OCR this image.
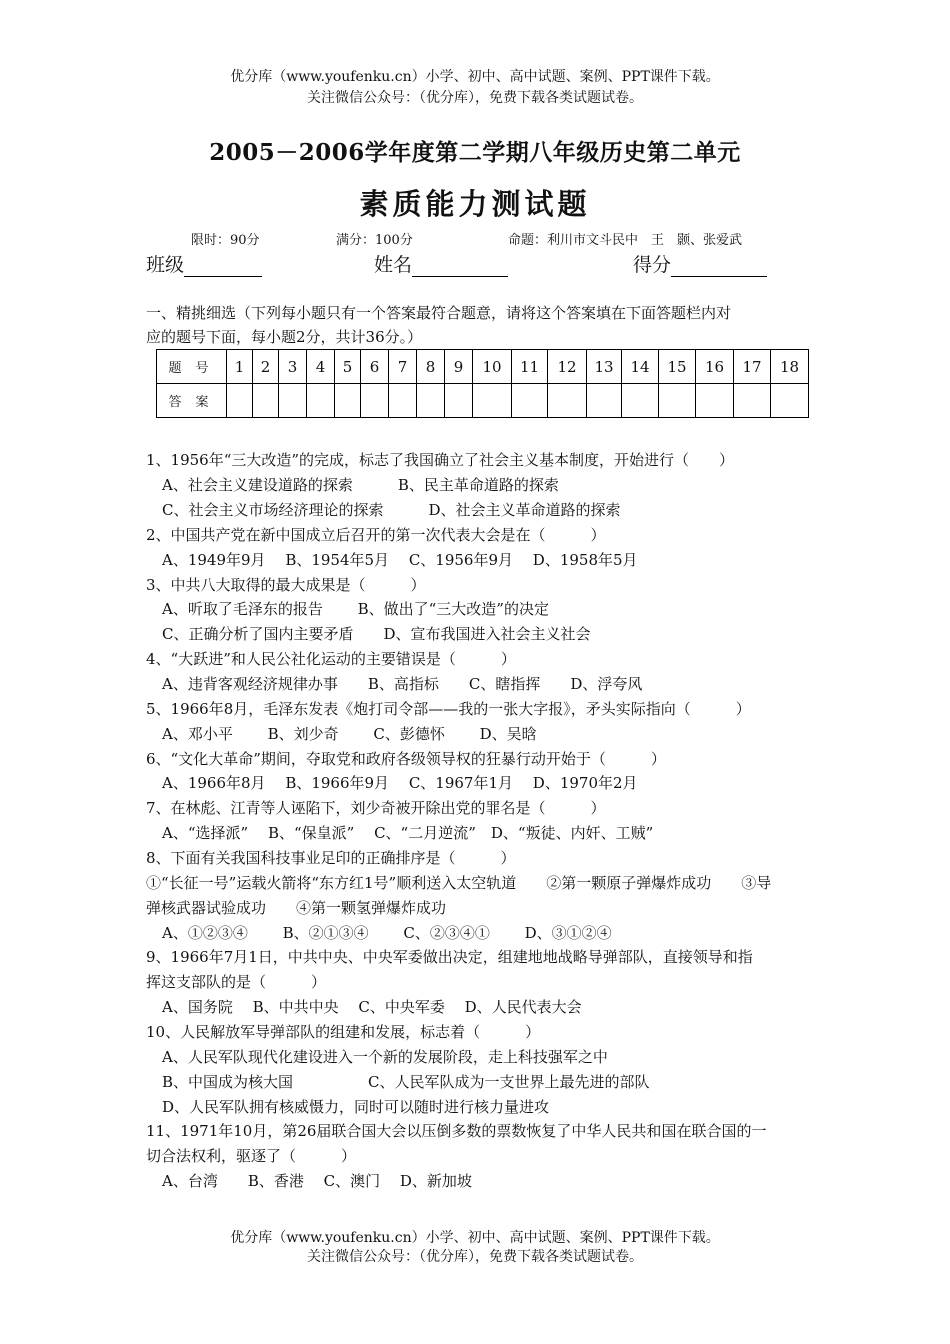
优分库（www.youfenku.cn）小学、初中、高中试题、案例、PPT课件下载。
关注微信公众号：（优分库），免费下载各类试题试卷。
2005－2006学年度第二学期八年级历史第二单元
素质能力测试题
限时：90分	满分：100分	命题：利川市文斗民中　王　颢、张爱武
班级	姓名	得分
一、精挑细选（下列每小题只有一个答案最符合题意，请将这个答案填在下面答题栏内对
应的题号下面，每小题2分，共计36分。）
题号	1	2	3	4	5	6	7	8	9	10	11	12	13	14	15	16	17	18
答案																		
1、1956年“三大改造”的完成，标志了我国确立了社会主义基本制度，开始进行（　　）
A、社会主义建设道路的探索　　　B、民主革命道路的探索
C、社会主义市场经济理论的探索　　　D、社会主义革命道路的探索
2、中国共产党在新中国成立后召开的第一次代表大会是在（　　　）
A、1949年9月　 B、1954年5月　 C、1956年9月　 D、1958年5月
3、中共八大取得的最大成果是（　　　）
A、听取了毛泽东的报告　　 B、做出了“三大改造”的决定
C、正确分析了国内主要矛盾　　D、宣布我国进入社会主义社会
4、“大跃进”和人民公社化运动的主要错误是（　　　）
A、违背客观经济规律办事　　B、高指标　　C、瞎指挥　　D、浮夸风
5、1966年8月，毛泽东发表《炮打司令部——我的一张大字报》，矛头实际指向（　　　）
A、邓小平　　 B、刘少奇　　 C、彭德怀　　 D、吴晗
6、“文化大革命”期间，夺取党和政府各级领导权的狂暴行动开始于（　　　）
A、1966年8月　 B、1966年9月　 C、1967年1月　 D、1970年2月
7、在林彪、江青等人诬陷下，刘少奇被开除出党的罪名是（　　　）
A、“选择派”　 B、“保皇派”　 C、“二月逆流”　D、“叛徒、内奸、工贼”
8、下面有关我国科技事业足印的正确排序是（　　　）
①“长征一号”运载火箭将“东方红1号”顺利送入太空轨道　　②第一颗原子弹爆炸成功　　③导
弹核武器试验成功　　④第一颗氢弹爆炸成功
A、①②③④　　 B、②①③④　　 C、②③④①　　 D、③①②④
9、1966年7月1日，中共中央、中央军委做出决定，组建地地战略导弹部队，直接领导和指
挥这支部队的是（　　　）
A、国务院　 B、中共中央　 C、中央军委　 D、人民代表大会
10、人民解放军导弹部队的组建和发展，标志着（　　　）
A、人民军队现代化建设进入一个新的发展阶段，走上科技强军之中
B、中国成为核大国　　　　　C、人民军队成为一支世界上最先进的部队
D、人民军队拥有核威慑力，同时可以随时进行核力量进攻
11、1971年10月，第26届联合国大会以压倒多数的票数恢复了中华人民共和国在联合国的一
切合法权利，驱逐了（　　　）
A、台湾　　B、香港　 C、澳门　 D、新加坡
优分库（www.youfenku.cn）小学、初中、高中试题、案例、PPT课件下载。
关注微信公众号：（优分库），免费下载各类试题试卷。
